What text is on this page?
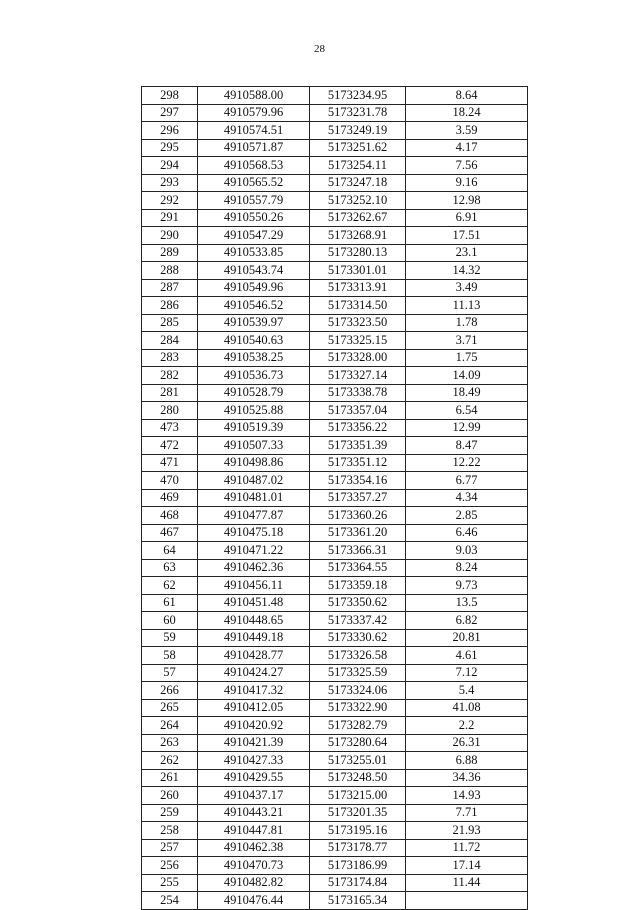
28
298	4910588.00	5173234.95	8.64
297	4910579.96	5173231.78	18.24
296	4910574.51	5173249.19	3.59
295	4910571.87	5173251.62	4.17
294	4910568.53	5173254.11	7.56
293	4910565.52	5173247.18	9.16
292	4910557.79	5173252.10	12.98
291	4910550.26	5173262.67	6.91
290	4910547.29	5173268.91	17.51
289	4910533.85	5173280.13	23.1
288	4910543.74	5173301.01	14.32
287	4910549.96	5173313.91	3.49
286	4910546.52	5173314.50	11.13
285	4910539.97	5173323.50	1.78
284	4910540.63	5173325.15	3.71
283	4910538.25	5173328.00	1.75
282	4910536.73	5173327.14	14.09
281	4910528.79	5173338.78	18.49
280	4910525.88	5173357.04	6.54
473	4910519.39	5173356.22	12.99
472	4910507.33	5173351.39	8.47
471	4910498.86	5173351.12	12.22
470	4910487.02	5173354.16	6.77
469	4910481.01	5173357.27	4.34
468	4910477.87	5173360.26	2.85
467	4910475.18	5173361.20	6.46
64	4910471.22	5173366.31	9.03
63	4910462.36	5173364.55	8.24
62	4910456.11	5173359.18	9.73
61	4910451.48	5173350.62	13.5
60	4910448.65	5173337.42	6.82
59	4910449.18	5173330.62	20.81
58	4910428.77	5173326.58	4.61
57	4910424.27	5173325.59	7.12
266	4910417.32	5173324.06	5.4
265	4910412.05	5173322.90	41.08
264	4910420.92	5173282.79	2.2
263	4910421.39	5173280.64	26.31
262	4910427.33	5173255.01	6.88
261	4910429.55	5173248.50	34.36
260	4910437.17	5173215.00	14.93
259	4910443.21	5173201.35	7.71
258	4910447.81	5173195.16	21.93
257	4910462.38	5173178.77	11.72
256	4910470.73	5173186.99	17.14
255	4910482.82	5173174.84	11.44
254	4910476.44	5173165.34	
